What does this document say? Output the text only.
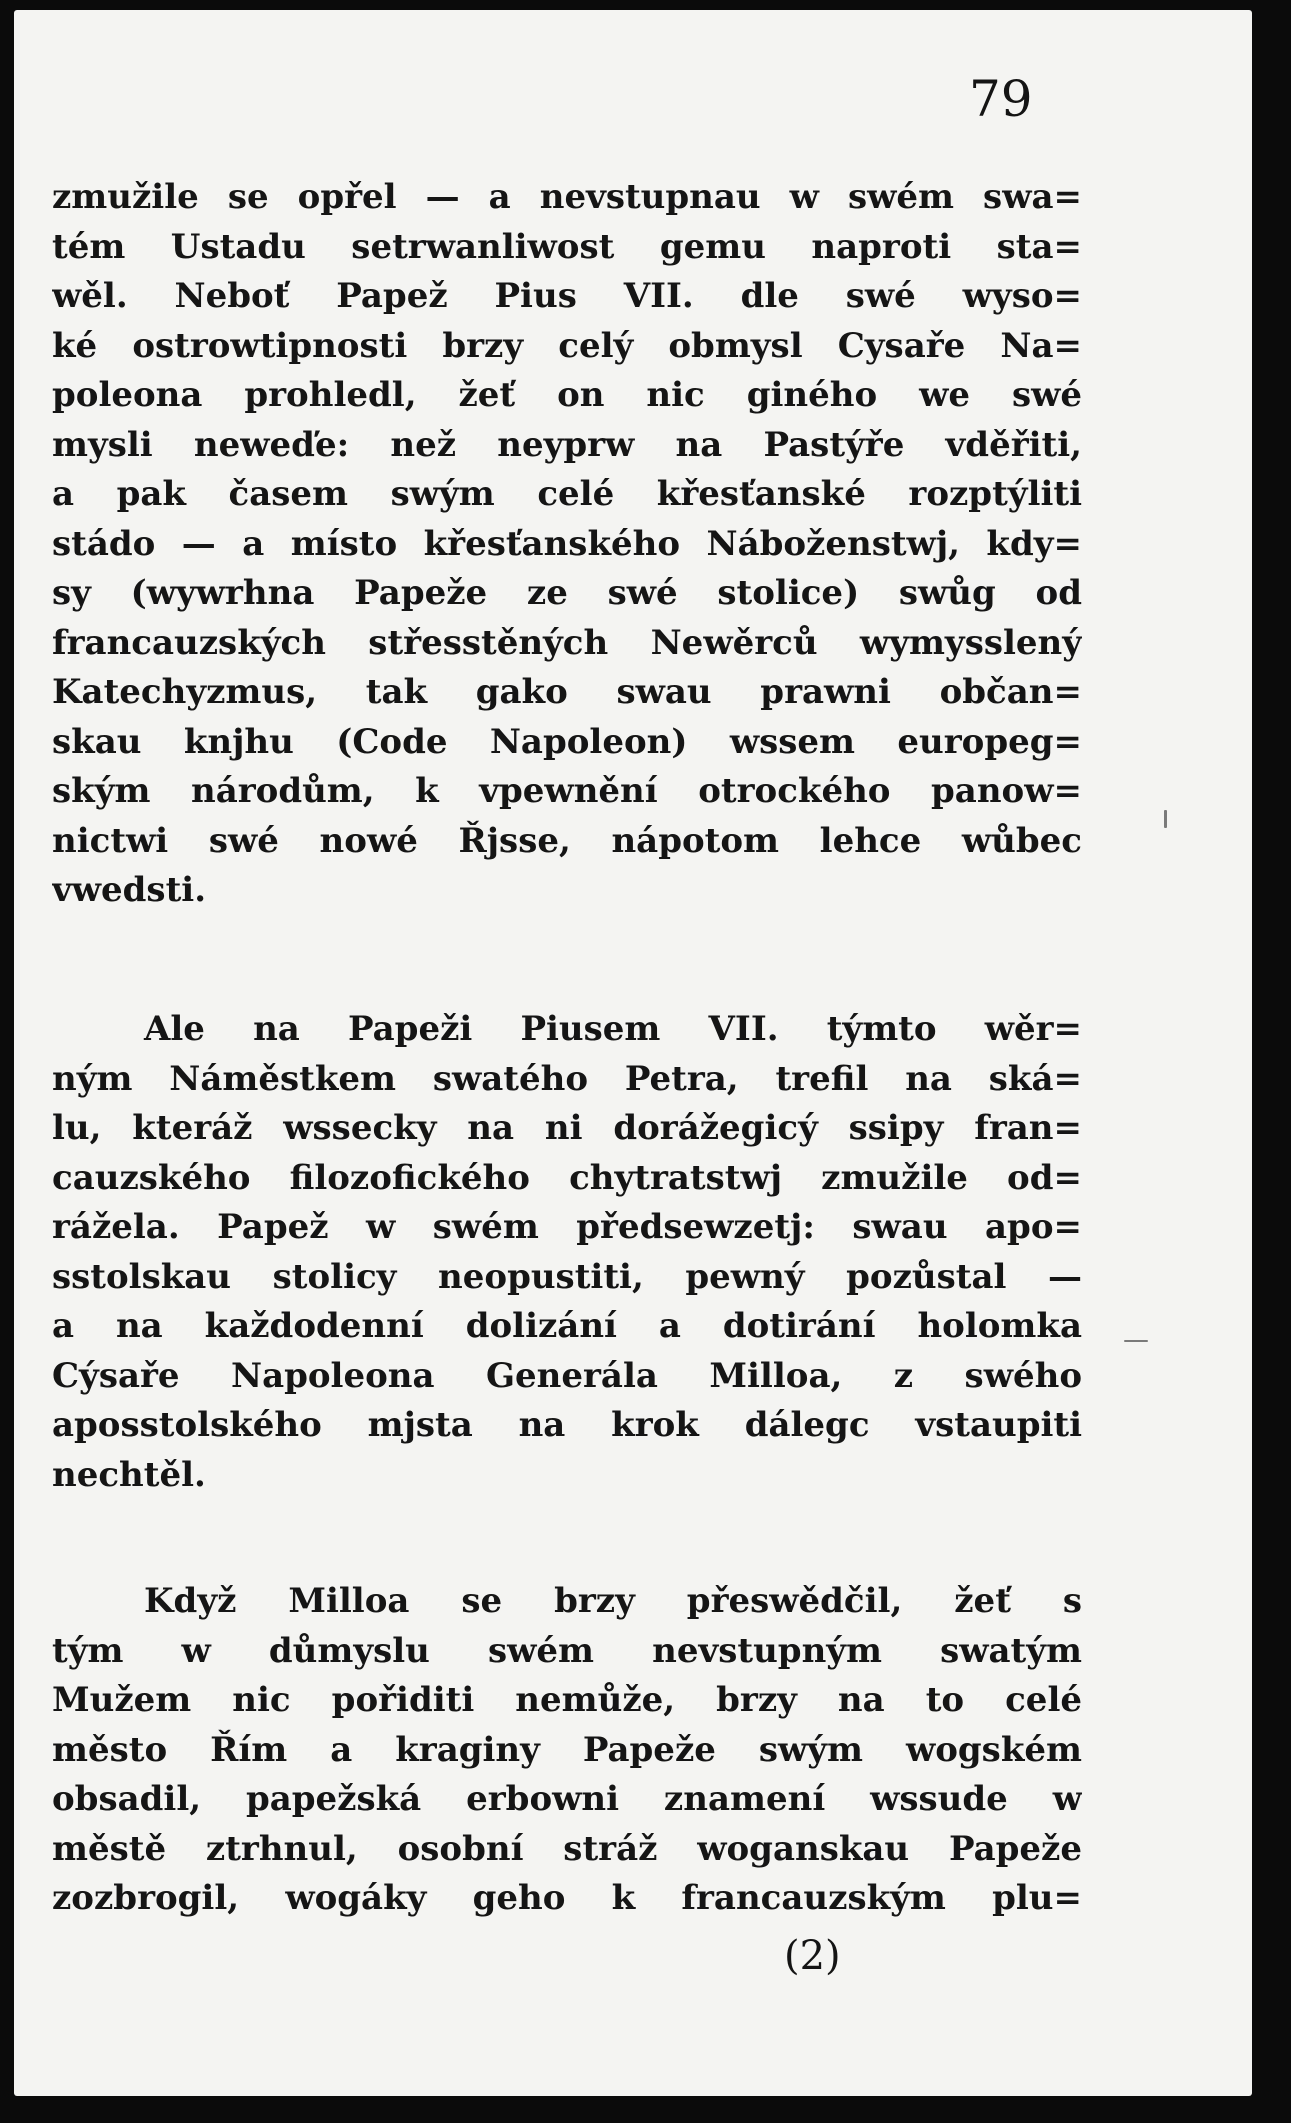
79

zmužile se opřel — a nevstupnau w swém swa=
tém Ustadu setrwanliwost gemu naproti sta=
wěl. Neboť Papež Pius VII. dle swé wyso=
ké ostrowtipnosti brzy celý obmysl Cysaře Na=
poleona prohledl, žeť on nic giného we swé
mysli neweďe: než neyprw na Pastýře vděřiti,
a pak časem swým celé křesťanské rozptýliti
stádo — a místo křesťanského Náboženstwj, kdy=
sy (wywrhna Papeže ze swé stolice) swůg od
francauzských střesstěných Newěrců wymysslený
Katechyzmus, tak gako swau prawni občan=
skau knjhu (Code Napoleon) wssem europeg=
ským národům, k vpewnění otrockého panow=
nictwi swé nowé Řjsse, nápotom lehce wůbec
vwedsti.
Ale na Papeži Piusem VII. týmto wěr=
ným Náměstkem swatého Petra, trefil na ská=
lu, kteráž wssecky na ni dorážegicý ssipy fran=
cauzského filozofického chytratstwj zmužile od=
rážela. Papež w swém předsewzetj: swau apo=
sstolskau stolicy neopustiti, pewný pozůstal —
a na každodenní dolizání a dotirání holomka
Cýsaře Napoleona Generála Milloa, z swého
aposstolského mjsta na krok dálegc vstaupiti
nechtěl.
Když Milloa se brzy přeswědčil, žeť s
tým w důmyslu swém nevstupným swatým
Mužem nic pořiditi nemůže, brzy na to celé
město Řím a kraginy Papeže swým wogském
obsadil, papežská erbowni znamení wssude w
městě ztrhnul, osobní stráž woganskau Papeže
zozbrogil, wogáky geho k francauzským plu=

(2)
